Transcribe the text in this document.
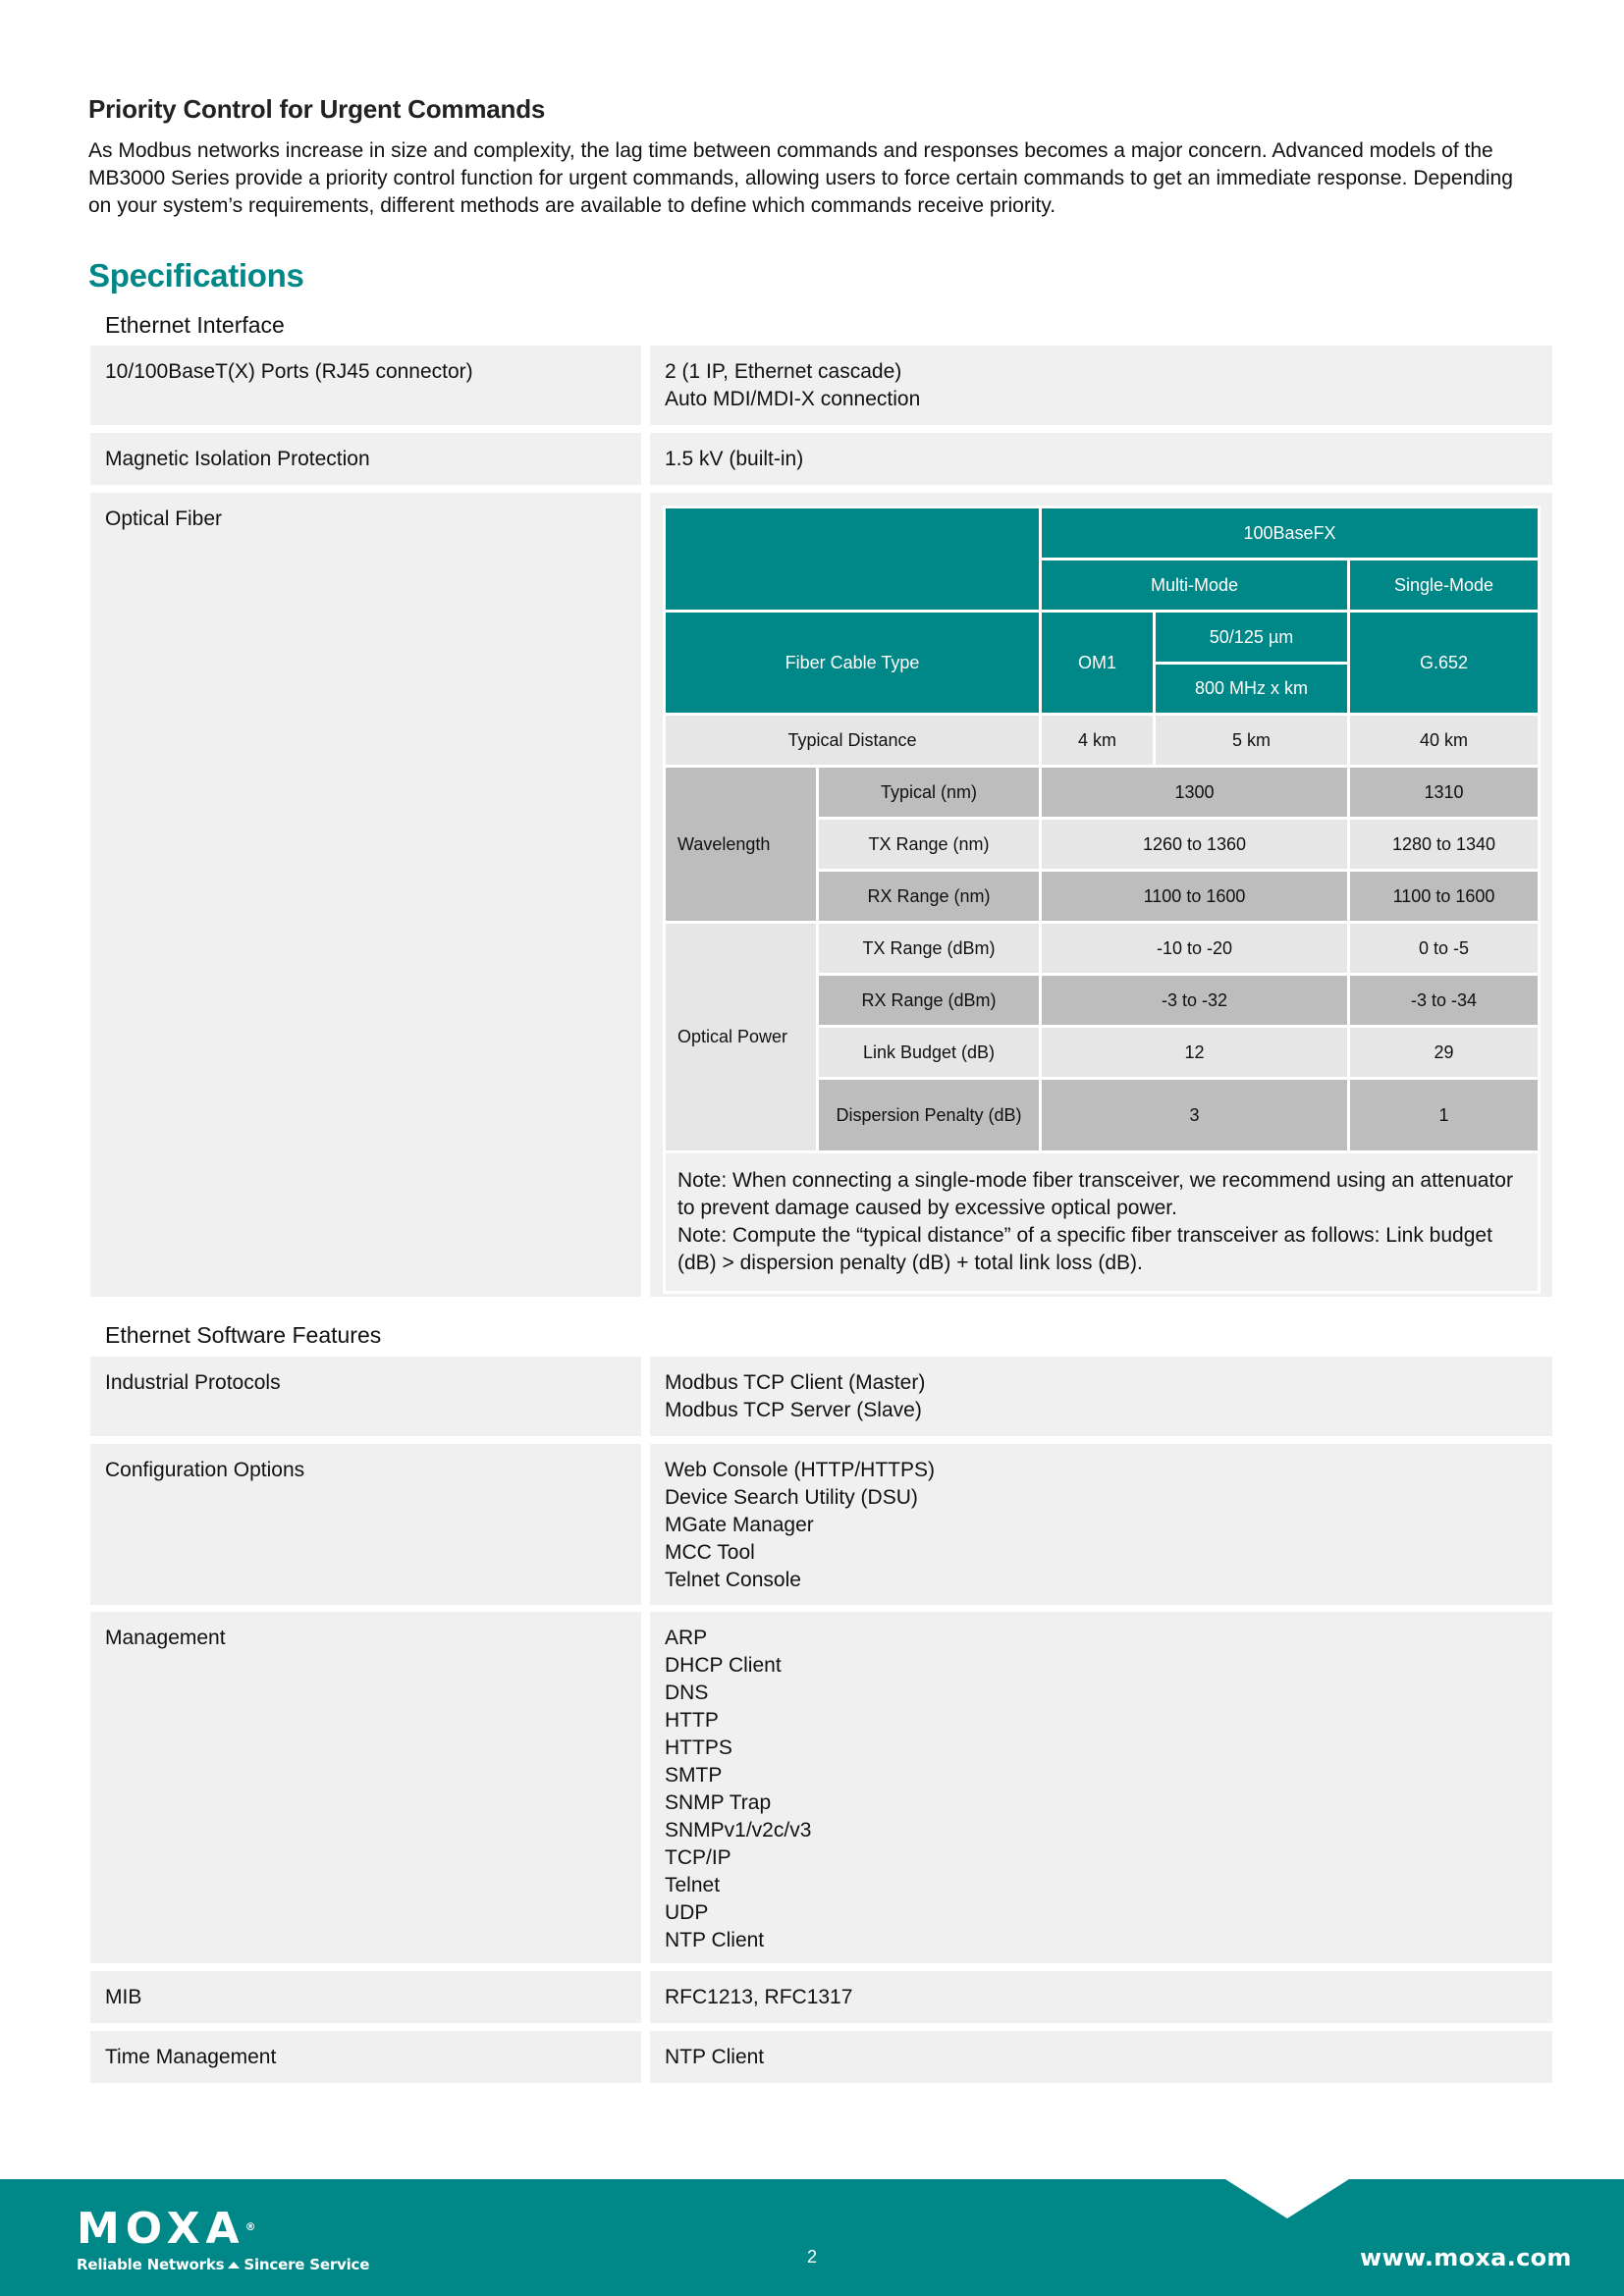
Priority Control for Urgent Commands

As Modbus networks increase in size and complexity, the lag time between commands and responses becomes a major concern. Advanced models of the MB3000 Series provide a priority control function for urgent commands, allowing users to force certain commands to get an immediate response. Depending on your system’s requirements, different methods are available to define which commands receive priority.

Specifications
Ethernet Interface
10/100BaseT(X) Ports (RJ45 connector)	2 (1 IP, Ethernet cascade)
Auto MDI/MDI-X connection
Magnetic Isolation Protection	1.5 kV (built-in)
Optical Fiber
		100BaseFX		
		Multi-Mode		Single-Mode
Fiber Cable Type		OM1	50/125 µm	G.652
			800 MHz x km	
Typical Distance		4 km	5 km	40 km
Wavelength	Typical (nm)	1300		1310
	TX Range (nm)	1260 to 1360		1280 to 1340
	RX Range (nm)	1100 to 1600		1100 to 1600
Optical Power	TX Range (dBm)	-10 to -20		0 to -5
	RX Range (dBm)	-3 to -32		-3 to -34
	Link Budget (dB)	12		29
	Dispersion Penalty (dB)	3		1

Note: When connecting a single-mode fiber transceiver, we recommend using an attenuator to prevent damage caused by excessive optical power.
Note: Compute the “typical distance” of a specific fiber transceiver as follows: Link budget (dB) > dispersion penalty (dB) + total link loss (dB).				
Ethernet Software Features
Industrial Protocols	Modbus TCP Client (Master)
Modbus TCP Server (Slave)
Configuration Options	Web Console (HTTP/HTTPS)
Device Search Utility (DSU)
MGate Manager
MCC Tool
Telnet Console
Management	ARP
DHCP Client
DNS
HTTP
HTTPS
SMTP
SNMP Trap
SNMPv1/v2c/v3
TCP/IP
Telnet
UDP
NTP Client
MIB	RFC1213, RFC1317
Time Management	NTP Client
MOXA®
Reliable Networks Sincere Service	2	www.moxa.com
